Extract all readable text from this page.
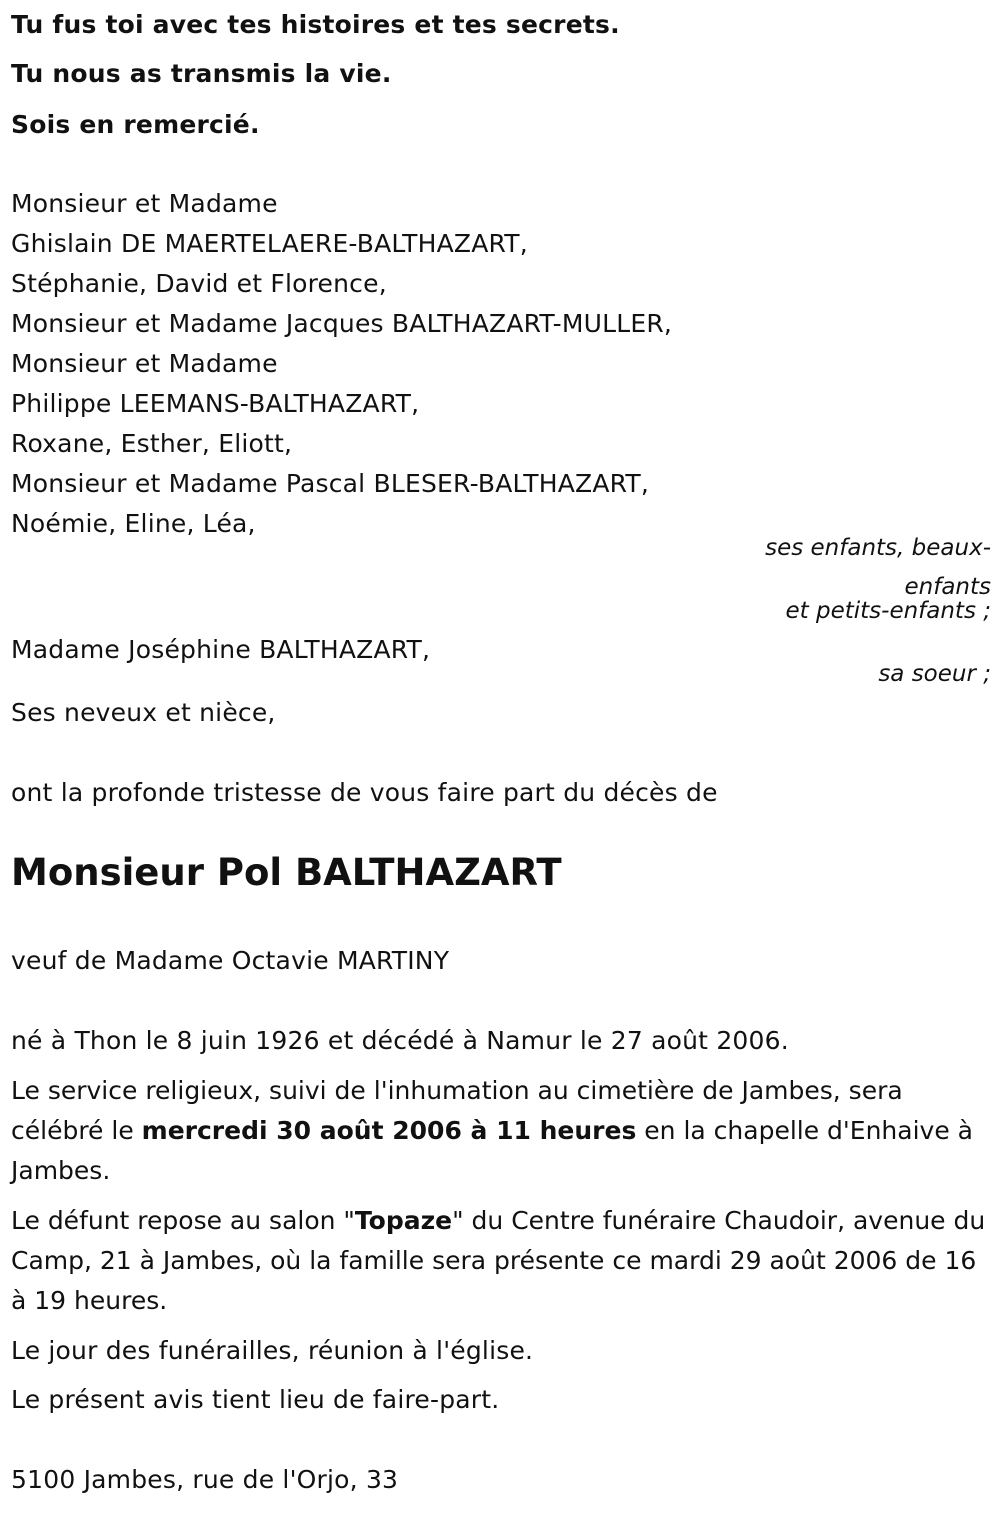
Tu fus toi avec tes histoires et tes secrets.
Tu nous as transmis la vie.
Sois en remercié.
Monsieur et Madame
Ghislain DE MAERTELAERE-BALTHAZART,
Stéphanie, David et Florence,
Monsieur et Madame Jacques BALTHAZART-MULLER,
Monsieur et Madame
Philippe LEEMANS-BALTHAZART,
Roxane, Esther, Eliott,
Monsieur et Madame Pascal BLESER-BALTHAZART,
Noémie, Eline, Léa,
ses enfants, beaux-
enfants
et petits-enfants ;
Madame Joséphine BALTHAZART,
sa soeur ;
Ses neveux et nièce,
ont la profonde tristesse de vous faire part du décès de
Monsieur Pol BALTHAZART
veuf de Madame Octavie MARTINY
né à Thon le 8 juin 1926 et décédé à Namur le 27 août 2006.
Le service religieux, suivi de l'inhumation au cimetière de Jambes, sera célébré le mercredi 30 août 2006 à 11 heures en la chapelle d'Enhaive à Jambes.
Le défunt repose au salon "Topaze" du Centre funéraire Chaudoir, avenue du Camp, 21 à Jambes, où la famille sera présente ce mardi 29 août 2006 de 16 à 19 heures.
Le jour des funérailles, réunion à l'église.
Le présent avis tient lieu de faire-part.
5100 Jambes, rue de l'Orjo, 33
